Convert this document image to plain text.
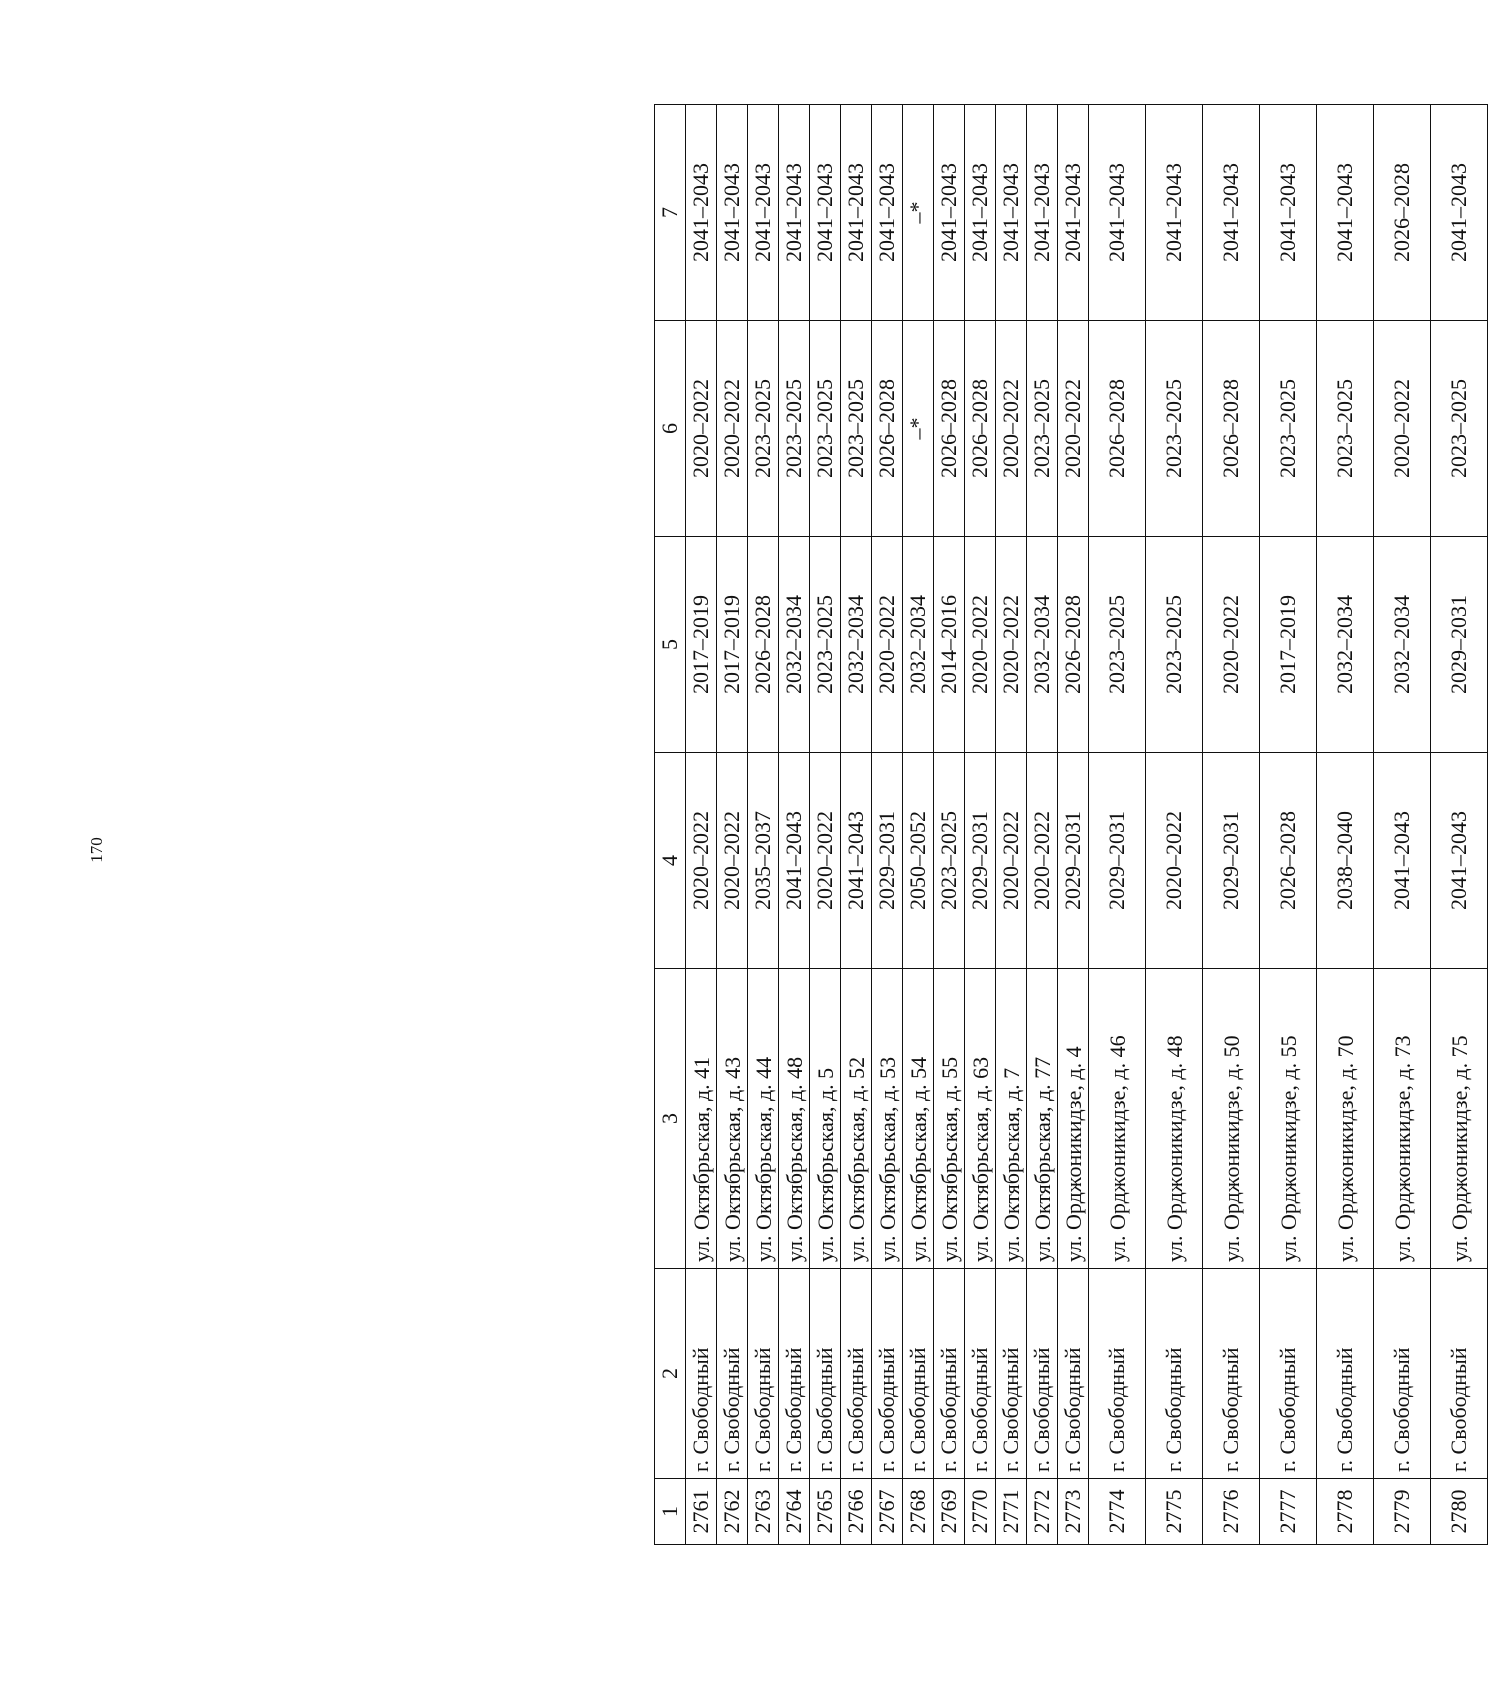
170
1	2	3	4	5	6	7
2761	г. Свободный	ул. Октябрьская, д. 41	2020–2022	2017–2019	2020–2022	2041–2043
2762	г. Свободный	ул. Октябрьская, д. 43	2020–2022	2017–2019	2020–2022	2041–2043
2763	г. Свободный	ул. Октябрьская, д. 44	2035–2037	2026–2028	2023–2025	2041–2043
2764	г. Свободный	ул. Октябрьская, д. 48	2041–2043	2032–2034	2023–2025	2041–2043
2765	г. Свободный	ул. Октябрьская, д. 5	2020–2022	2023–2025	2023–2025	2041–2043
2766	г. Свободный	ул. Октябрьская, д. 52	2041–2043	2032–2034	2023–2025	2041–2043
2767	г. Свободный	ул. Октябрьская, д. 53	2029–2031	2020–2022	2026–2028	2041–2043
2768	г. Свободный	ул. Октябрьская, д. 54	2050–2052	2032–2034	–*	–*
2769	г. Свободный	ул. Октябрьская, д. 55	2023–2025	2014–2016	2026–2028	2041–2043
2770	г. Свободный	ул. Октябрьская, д. 63	2029–2031	2020–2022	2026–2028	2041–2043
2771	г. Свободный	ул. Октябрьская, д. 7	2020–2022	2020–2022	2020–2022	2041–2043
2772	г. Свободный	ул. Октябрьская, д. 77	2020–2022	2032–2034	2023–2025	2041–2043
2773	г. Свободный	ул. Орджоникидзе, д. 4	2029–2031	2026–2028	2020–2022	2041–2043
2774	г. Свободный	ул. Орджоникидзе, д. 46	2029–2031	2023–2025	2026–2028	2041–2043
2775	г. Свободный	ул. Орджоникидзе, д. 48	2020–2022	2023–2025	2023–2025	2041–2043
2776	г. Свободный	ул. Орджоникидзе, д. 50	2029–2031	2020–2022	2026–2028	2041–2043
2777	г. Свободный	ул. Орджоникидзе, д. 55	2026–2028	2017–2019	2023–2025	2041–2043
2778	г. Свободный	ул. Орджоникидзе, д. 70	2038–2040	2032–2034	2023–2025	2041–2043
2779	г. Свободный	ул. Орджоникидзе, д. 73	2041–2043	2032–2034	2020–2022	2026–2028
2780	г. Свободный	ул. Орджоникидзе, д. 75	2041–2043	2029–2031	2023–2025	2041–2043
